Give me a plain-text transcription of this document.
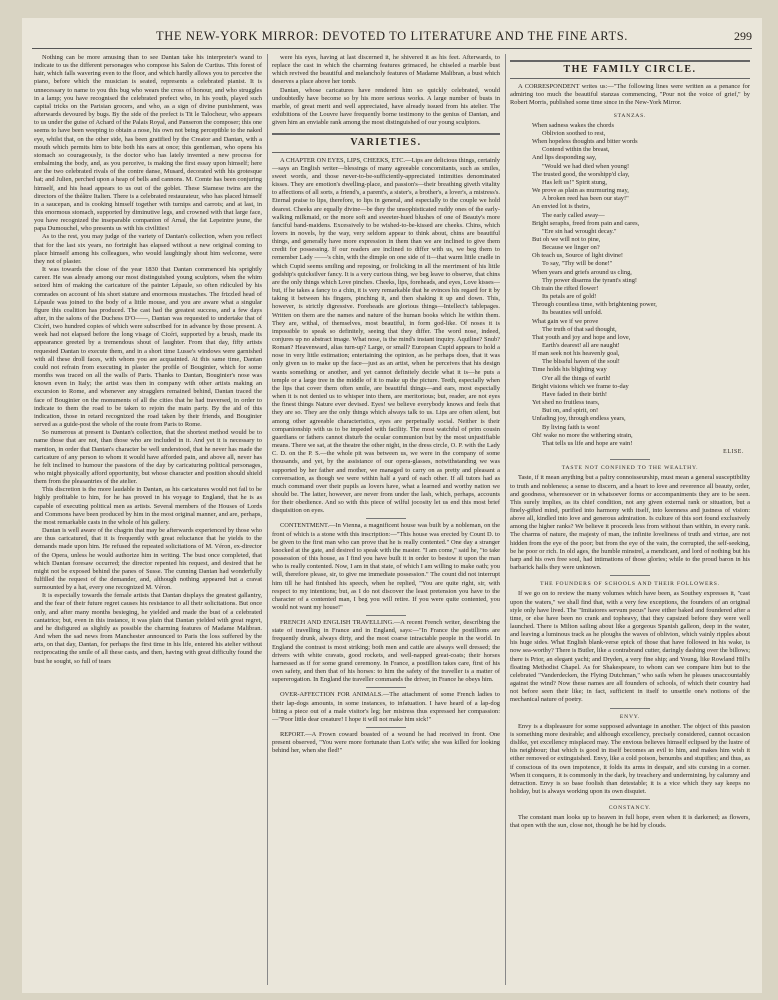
THE NEW-YORK MIRROR: DEVOTED TO LITERATURE AND THE FINE ARTS.	299

Nothing can be more amusing than to see Dantan take his interpreter's wand to indicate to us the different personages who compose his Salon de Curtius. This forest of hair, which falls wavering even to the floor, and which hardly allows you to perceive the piano, before which the musician is seated, represents a celebrated pianist. It is unnecessary to name to you this bug who wears the cross of honour, and who struggles in a lamp; you have recognised the celebrated prefect who, in his youth, played such capital tricks on the Parisian grocers, and who, as a sign of divine punishment, was afterwards devoured by bugs. By the side of the prefect is Tit le Talocheur, who appears to us under the guise of Achard of the Palais Royal, and Panseron the composer; this one seems to have been weeping to obtain a nose, his own not being perceptible to the naked eye, whilst that, on the other side, has been gratified by the Creator and Dantan, with a mouth which permits him to bite both his ears at once; this gentleman, who opens his stomach so courageously, is the doctor who has lately invented a new process for embalming the body, and, as you perceive, is making the first essay upon himself; here are the two celebrated rivals of the contre danse, Musard, decorated with his grotesque hat; and Julien, perched upon a heap of bells and cannons. M. Comte has been conjuring himself, and his head appears to us out of the goblet. These Siamese twins are the directors of the théâtre Italien. There is a celebrated restaurateur, who has placed himself in a saucepan, and is cooking himself together with turnips and carrots; and at last, in this enormous stomach, supported by diminutive legs, and crowned with that large face, you have recognized the inseparable companion of Arnal, the fat Lepeintre jeune, the papa Dumouchel, who presents us with his civilities!

As to the rest, you may judge of the variety of Dantan's collection, when you reflect that for the last six years, no fortnight has elapsed without a new original coming to place himself among his colleagues, who would laughingly shout him welcome, were they not of plaster.

It was towards the close of the year 1830 that Dantan commenced his sprightly career. He was already among our most distinguished young sculptors, when the whim seized him of making the caricature of the painter Lépaule, so often ridiculed by his comrades on account of his short stature and enormous mustaches. The frizzled head of Lépaule was joined to the body of a little mouse, and you are aware what a singular figure this coalition has produced. The cast had the greatest success, and a few days after, in the salons of the Duchess D'O——, Dantan was requested to undertake that of Cicéri, two hundred copies of which were subscribed for in advance by those present. A week had not elapsed before the long visage of Cicéri, supported by a brush, made its appearance greeted by a tremendous shout of laughter. From that day, fifty artists requested Dantan to execute them, and in a short time Lusse's windows were garnished with all these droll faces, with whom you are acquainted. At this same time, Dantan could not refrain from executing in plaster the profile of Bouginier, which for some months was traced on all the walls of Paris. Thanks to Dantan, Bouginier's nose was known even in Italy; the artist was then in company with other artists making an excursion to Rome, and whenever any stragglers remained behind, Dantan traced the face of Bouginier on the monuments of all the cities that he had traversed, in order to indicate to them the road to be taken to rejoin the main party. By the aid of this indication, those in retard recognized the road taken by their friends, and Bouginier served as a guide-post the whole of the route from Paris to Rome.

So numerous at present is Dantan's collection, that the shortest method would be to name those that are not, than those who are included in it. And yet it is necessary to mention, in order that Dantan's character be well understood, that he never has made the caricature of any person to whom it would have afforded pain, and above all, never has he felt inclined to humour the passions of the day by caricaturing political personages, who might physically afford opportunity, but whose character and position should shield them from the pleasantries of the atelier.

This discretion is the more laudable in Dantan, as his caricatures would not fail to be highly profitable to him, for he has proved in his voyage to England, that he is as capable of executing political men as artists. Several members of the Houses of Lords and Commons have been produced by him in the most original manner, and are, perhaps, the most remarkable casts in the whole of his gallery.

Dantan is well aware of the chagrin that may be afterwards experienced by those who are thus caricatured, that it is frequently with great reluctance that he yields to the demands made upon him. He refused the repeated solicitations of M. Véron, ex-director of the Opera, unless he would authorize him in writing. The bust once completed, that which Dantan foresaw occurred; the director repented his request, and desired that he might not be exposed behind the panes of Susse. The cunning Dantan had wonderfully fulfilled the request of the demander, and, although nothing appeared but a cravat surmounted by a hat, every one recognized M. Véron.

It is especially towards the female artists that Dantan displays the greatest gallantry, and the fear of their future regret causes his resistance to all their solicitations. But once only, and after many months besieging, he yielded and made the bust of a celebrated cantatrice; but, even in this instance, it was plain that Dantan yielded with great regret, and he disfigured as slightly as possible the charming features of Madame Malibran. And when the sad news from Manchester announced to Paris the loss suffered by the arts, on that day, Dantan, for perhaps the first time in his life, entered his atelier without reciprocating the smile of all these casts, and then, having with great difficulty found the bust he sought, so full of tears

were his eyes, having at last discerned it, he shivered it as his feet. Afterwards, to replace the cast in which the charming features grimaced, he chiseled a marble bust which revived the beautiful and melancholy features of Madame Malibran, a bust which deserves a place above her tomb.

Dantan, whose caricatures have rendered him so quickly celebrated, would undoubtedly have become so by his more serious works. A large number of busts in marble, of great merit and well appreciated, have already issued from his atelier. The exhibitions of the Louvre have frequently borne testimony to the genius of Dantan, and given him an enviable rank among the most distinguished of our young sculptors.

VARIETIES.

A CHAPTER ON EYES, LIPS, CHEEKS, ETC.—Lips are delicious things, certainly—says an English writer—blessings of many agreeable concomitants, such as smiles, sweet words, and those never-to-be-sufficiently-appreciated intimities denominated kisses. They are emotion's dwelling-place, and passion's—their breathing giveth vitality to affections of all sorts, a friend's, a parent's, a sister's, a brother's, a lover's, a mistress's. Eternal praise to lips, therefore, to lips in general, and especially to the couple we hold dearest. Cheeks are equally divine—be they the unsophisticated ruddy ones of the early-walking milkmaid, or the more soft and sweeter-hued blushes of one of Beauty's more fanciful band-maidens. Excessively to be wished-to-be-kissed are cheeks. Chins, which lovers in novels, by the way, very seldom appear to think about, chins are beautiful things, and generally have more expression in them than we are inclined to give them credit for possessing. If our readers are inclined to differ with us, we beg them to remember Lady ——'s chin, with the dimple on one side of it—that warm little cradle in which Cupid seems smiling and reposing, or frolicking in all the merriment of his little godship's quicksilver fancy. It is a very curious thing, we beg leave to observe, that chins are the only things which Love pinches. Cheeks, lips, foreheads, and eyes, Love kisses—but, if he takes a fancy to a chin, it is very remarkable that he evinces his regard for it by taking it between his fingers, pinching it, and then shaking it up and down. This, however, is strictly digressive. Foreheads are glorious things—Intellect's tablepages. Written on them are the names and nature of the human books which lie within them. They are, withal, of themselves, most beautiful, in form god-like. Of noses it is impossible to speak so definitely, seeing that they differ. The word nose, indeed, conjures up no abstract image. What nose, is the mind's instant inquiry. Aquiline? Snub? Roman? Heavenward, alias turn-up? Large, or small? European Cupid appears to hold a nose in very little estimation; entertaining the opinion, as he perhaps does, that it was only given us to make up the face—just as an artist, when he perceives that his design wants something or another, and yet cannot definitely decide what it is—he puts a temple or a large tree in the middle of it to make up the picture. Teeth, especially when the lips that cover them often smile, are beautiful things—and ears, most especially when it is not denied us to whisper into them, are meritorious; but, reader, are not eyes the finest things Nature ever devised. Eyes! we believe everybody knows and feels that they are so. They are the only things which always talk to us. Lips are often silent, but among other agreeable characteristics, eyes are perpetually social. Neither is their companionship with us to be impeded with facility. The most watchful of prim cousin guardians or fathers cannot disturb the ocular communion but by the most unjustifiable means. There we sat, at the theatre the other night, in the dress circle, O. P. with the Lady C. D. on the P. S.—the whole pit was between us, we were in the company of some thousands, and yet, by the assistance of our opera-glasses, notwithstanding we was supported by her father and mother, we managed to carry on as pretty and pleasant a conversation, as though we were within half a yard of each other. If all tutors had as much command over their pupils as lovers have, what a learned and worthy nation we should be. The latter, however, are never from under the lash, which, perhaps, accounts for their obedience. And so with this piece of wilful jocosity let us end this most brief disquisition on eyes.

CONTENTMENT.—In Vienna, a magnificent house was built by a nobleman, on the front of which is a stone with this inscription:—"This house was erected by Count D. to be given to the first man who can prove that he is really contented." One day a stranger knocked at the gate, and desired to speak with the master. "I am come," said he, "to take possession of this house, as I find you have built it in order to bestow it upon the man who is really contented. Now, I am in that state, of which I am willing to make oath; you will, therefore please, sir, to give me immediate possession." The count did not interrupt him till he had finished his speech, when he replied, "You are quite right, sir, with respect to my intentions; but, as I do not discover the least pretension you have to the character of a contented man, I beg you will retire. If you were quite contented, you would not want my house!"

FRENCH AND ENGLISH TRAVELLING.—A recent French writer, describing the state of travelling in France and in England, says:—"In France the postillions are frequently drunk, always dirty, and the most coarse intractable people in the world. In England the contrast is most striking; both men and cattle are always well dressed; the drivers with white cravats, good rockets, and well-napped great-coats; their horses harnessed as if for some grand ceremony. In France, a postillion takes care, first of his own safety, and then that of his horses: to him the safety of the traveller is a matter of supererogation. In England the traveller commands the driver, in France he obeys him.

OVER-AFFECTION FOR ANIMALS.—The attachment of some French ladies to their lap-dogs amounts, in some instances, to infatuation. I have heard of a lap-dog biting a piece out of a male visitor's leg; her mistress thus expressed her compassion:—"Poor little dear creature! I hope it will not make him sick!"

REPORT.—A Frown coward boasted of a wound he had received in front. One present observed, "You were more fortunate than Lot's wife; she was killed for looking behind her, when she fled!"

THE FAMILY CIRCLE.

A CORRESPONDENT writes us:—"The following lines were written as a penance for admiring too much the beautiful stanzas commencing, "Pour not the voice of grief," by Robert Morris, published some time since in the New-York Mirror.

STANZAS.
When sadness wakes the chords
Oblivion soothed to rest,
When hopeless thoughts and bitter words
Contend within the breast,
And lips desponding say,
"Would we had died when young!
The trusted good, the worshipp'd clay,
Has left us!" Spirit stung,
We prove as plain as murmuring may,
A broken reed has been our stay!"
An envied lot is theirs,
The early called away—
Bright seraphs, freed from pain and cares,
"Ere sin had wrought decay."
But oh we will not to pine,
Because we linger on?
Oh teach us, Source of light divine!
To say, "Thy will be done!"
When years and griefs around us cling,
Thy power disarms the tyrant's sting!
Oh train the rifted flower!
Its petals are of gold!
Through countless time, with brightening power,
Its beauties will unfold.
What gain we if we prove
The truth of that sad thought,
That youth and joy and hope and love,
Earth's dearest! all are naught!
If man seek not his heavenly goal,
The blissful haven of the soul!
Time holds his blighting way
O'er all the things of earth!
Bright visions which we frame to-day
Have faded in their birth!
Yet shed no fruitless tears,
But on, and spirit, on!
Unfading joy, through endless years,
By living faith is won!
Oh! wake no more the withering strain,
That tells us life and hope are vain!
ELISE.
TASTE NOT CONFINED TO THE WEALTHY.

Taste, if it mean anything but a paltry connoisseurship, must mean a general susceptibility to truth and nobleness; a sense to discern, and a heart to love and reverence all beauty, order, and goodness, wheresoever or in whatsoever forms or accompaniments they are to be seen. This surely implies, as its chief condition, not any given external rank or situation, but a finely-gifted mind, purified into harmony with itself, into keenness and justness of vision: above all, kindled into love and generous admiration. Is culture of this sort found exclusively among the higher ranks? We believe it proceeds less from without than within, in every rank. The charms of nature, the majesty of man, the infinite loveliness of truth and virtue, are not hidden from the eye of the poor; but from the eye of the vain, the corrupted, the self-seeking, be he poor or rich. In old ages, the humble minstrel, a mendicant, and lord of nothing but his harp and his own free soul, had intimations of those glories; while to the proud baron in his barbarick halls they were unknown.

THE FOUNDERS OF SCHOOLS AND THEIR FOLLOWERS.

If we go on to review the many volumes which have been, as Southey expresses it, "cast upon the waters," we shall find that, with a very few exceptions, the founders of an original style only have lived. The "Imitatores servum pecus" have either baked and foundered after a time, or else have been no crank and topheavy, that they capsized before they were well launched. There is Milton sailing about like a gorgeous Spanish galleon, deep in the water, and leaving a luminous track as he ploughs the waves of oblivion, which vainly ripples about his huge sides. What English blank-verse epick of those that have followed in his wake, is now sea-worthy? There is Butler, like a contrabrand cutter, daringly dashing over the billows; there is Prior, an elegant yacht; and Dryden, a very fine ship; and Young, like Rowland Hill's floating Methodist Chapel. As for Shakespeare, to whom can we compare him but to the celebrated "Vanderdecken, the Flying Dutchman," who sails when he pleases unaccountably against the wind? Now these names are all founders of schools, of which their country had not before seen their like; in fact, sufficient in itself to unsettle one's notions of the mechanical nature of poetry.

ENVY.

Envy is a displeasure for some supposed advantage in another. The object of this passion is something more desirable; and although excellency, precisely considered, cannot occasion dislike, yet excellency misplaced may. The envious believes himself eclipsed by the lustre of his neighbour; that which is good in itself becomes an evil to him, and makes him wish it either removed or extinguished. Envy, like a cold poison, benumbs and stupifies; and thus, as if conscious of its own impotence, it folds its arms in despair, and sits cursing in a corner. When it conquers, it is commonly in the dark, by treachery and undermining, by calumny and detraction. Envy is so base foolish than detestable; it is a vice which they say keeps no holiday, but is always working upon its own disquiet.

CONSTANCY.

The constant man looks up to heaven in full hope, even when it is darkened; as flowers, that open with the sun, close not, though he be hid by clouds.
